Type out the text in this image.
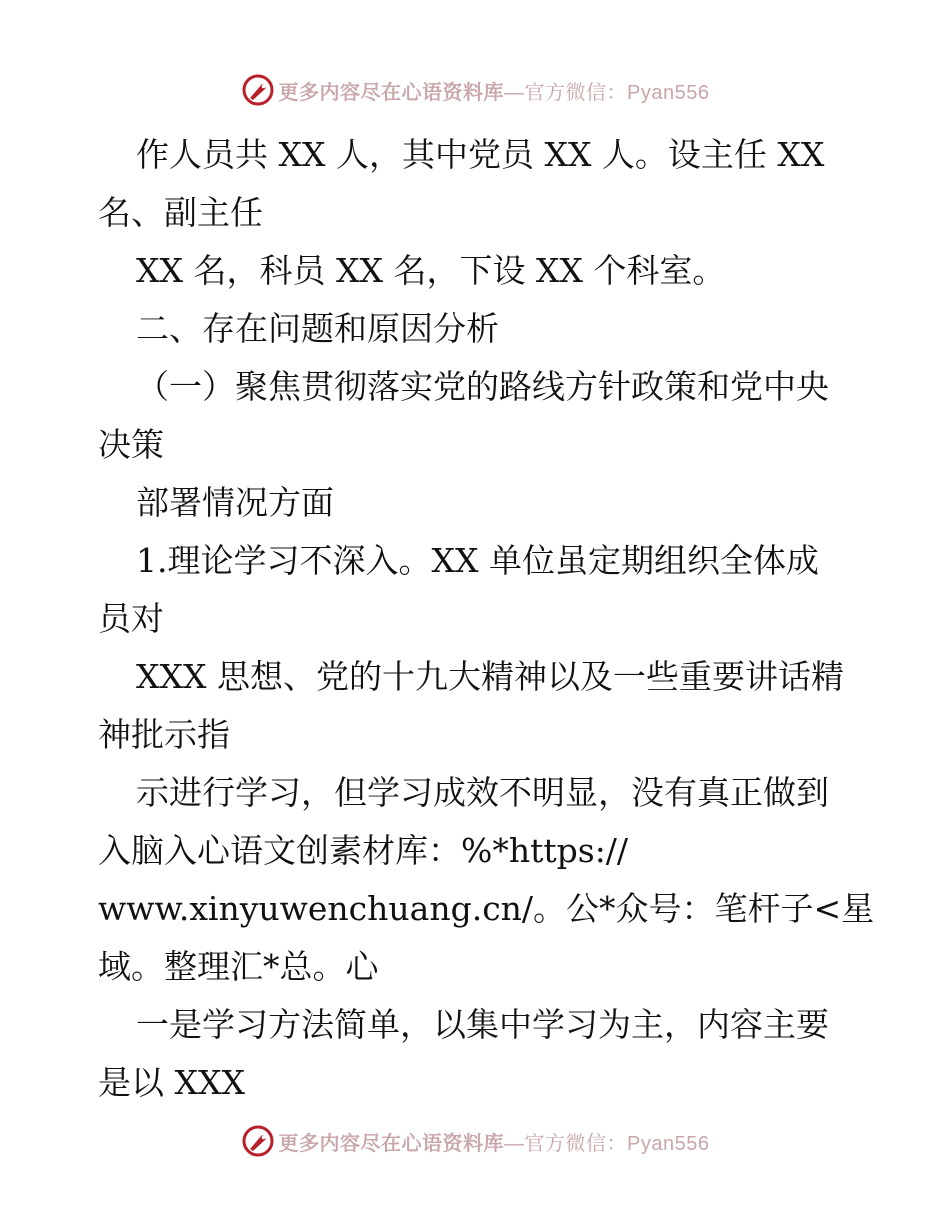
更多内容尽在心语资料库—官方微信：Pyan556
作人员共 XX 人，其中党员 XX 人。设主任 XX
名、副主任
XX 名，科员 XX 名，下设 XX 个科室。
二、存在问题和原因分析
（一）聚焦贯彻落实党的路线方针政策和党中央
决策
部署情况方面
1.理论学习不深入。XX 单位虽定期组织全体成
员对
XXX 思想、党的十九大精神以及一些重要讲话精
神批示指
示进行学习，但学习成效不明显，没有真正做到
入脑入心语文创素材库：%*https://
www.xinyuwenchuang.cn/。公*众号：笔杆子<星
域。整理汇*总。心
一是学习方法简单，以集中学习为主，内容主要
是以 XXX
更多内容尽在心语资料库—官方微信：Pyan556
